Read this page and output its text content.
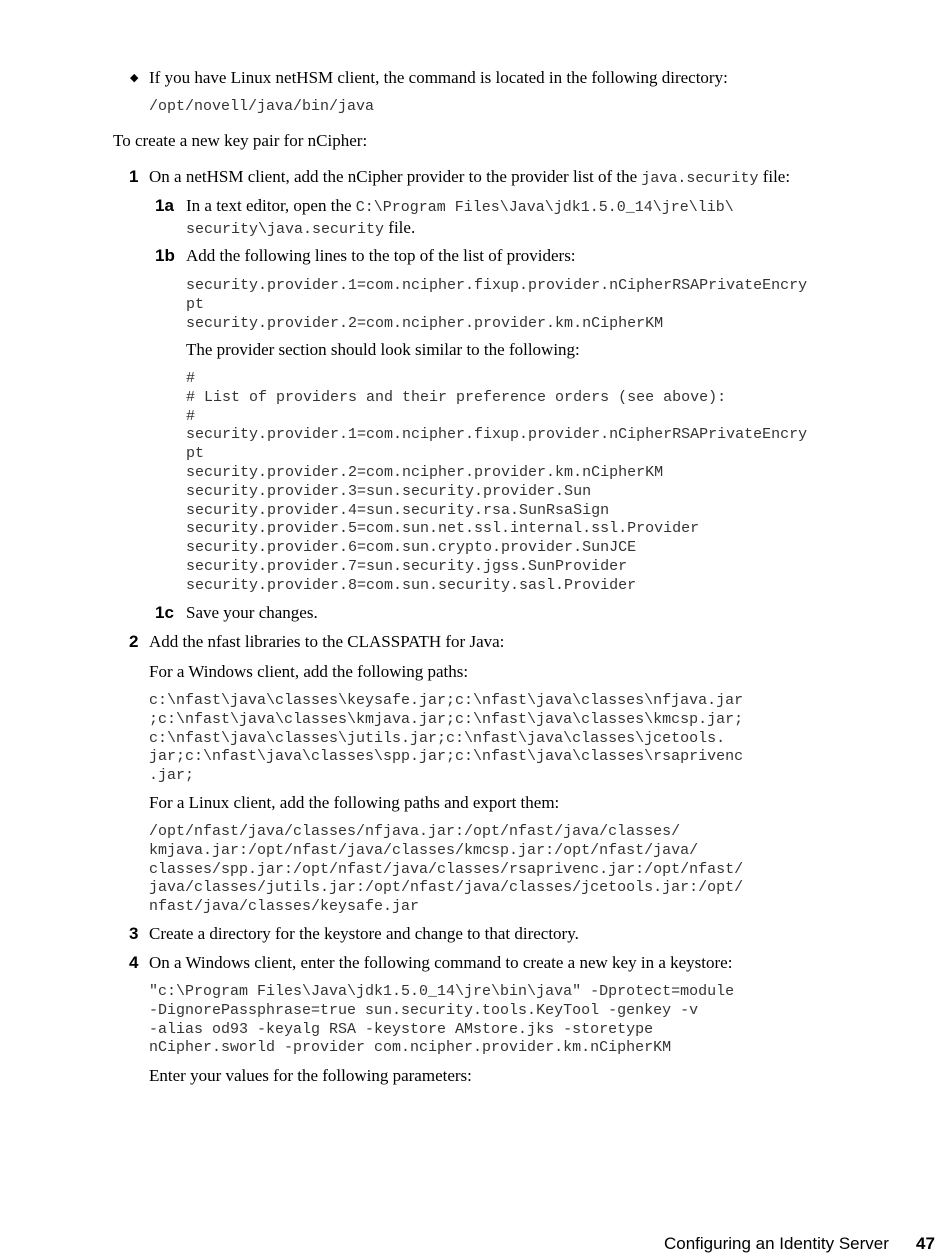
◆ If you have Linux netHSM client, the command is located in the following directory:
/opt/novell/java/bin/java
To create a new key pair for nCipher:
1 On a netHSM client, add the nCipher provider to the provider list of the java.security file:
1a In a text editor, open the C:\Program Files\Java\jdk1.5.0_14\jre\lib\
security\java.security file.
1b Add the following lines to the top of the list of providers:
security.provider.1=com.ncipher.fixup.provider.nCipherRSAPrivateEncry
pt
security.provider.2=com.ncipher.provider.km.nCipherKM
The provider section should look similar to the following:
#
# List of providers and their preference orders (see above):
#
security.provider.1=com.ncipher.fixup.provider.nCipherRSAPrivateEncry
pt
security.provider.2=com.ncipher.provider.km.nCipherKM
security.provider.3=sun.security.provider.Sun
security.provider.4=sun.security.rsa.SunRsaSign
security.provider.5=com.sun.net.ssl.internal.ssl.Provider
security.provider.6=com.sun.crypto.provider.SunJCE
security.provider.7=sun.security.jgss.SunProvider
security.provider.8=com.sun.security.sasl.Provider
1c Save your changes.
2 Add the nfast libraries to the CLASSPATH for Java:
For a Windows client, add the following paths:
c:\nfast\java\classes\keysafe.jar;c:\nfast\java\classes\nfjava.jar
;c:\nfast\java\classes\kmjava.jar;c:\nfast\java\classes\kmcsp.jar;
c:\nfast\java\classes\jutils.jar;c:\nfast\java\classes\jcetools.
jar;c:\nfast\java\classes\spp.jar;c:\nfast\java\classes\rsaprivenc
.jar;
For a Linux client, add the following paths and export them:
/opt/nfast/java/classes/nfjava.jar:/opt/nfast/java/classes/
kmjava.jar:/opt/nfast/java/classes/kmcsp.jar:/opt/nfast/java/
classes/spp.jar:/opt/nfast/java/classes/rsaprivenc.jar:/opt/nfast/
java/classes/jutils.jar:/opt/nfast/java/classes/jcetools.jar:/opt/
nfast/java/classes/keysafe.jar
3 Create a directory for the keystore and change to that directory.
4 On a Windows client, enter the following command to create a new key in a keystore:
"c:\Program Files\Java\jdk1.5.0_14\jre\bin\java" -Dprotect=module
-DignorePassphrase=true sun.security.tools.KeyTool -genkey -v
-alias od93 -keyalg RSA -keystore AMstore.jks -storetype
nCipher.sworld -provider com.ncipher.provider.km.nCipherKM
Enter your values for the following parameters:
Configuring an Identity Server 47
